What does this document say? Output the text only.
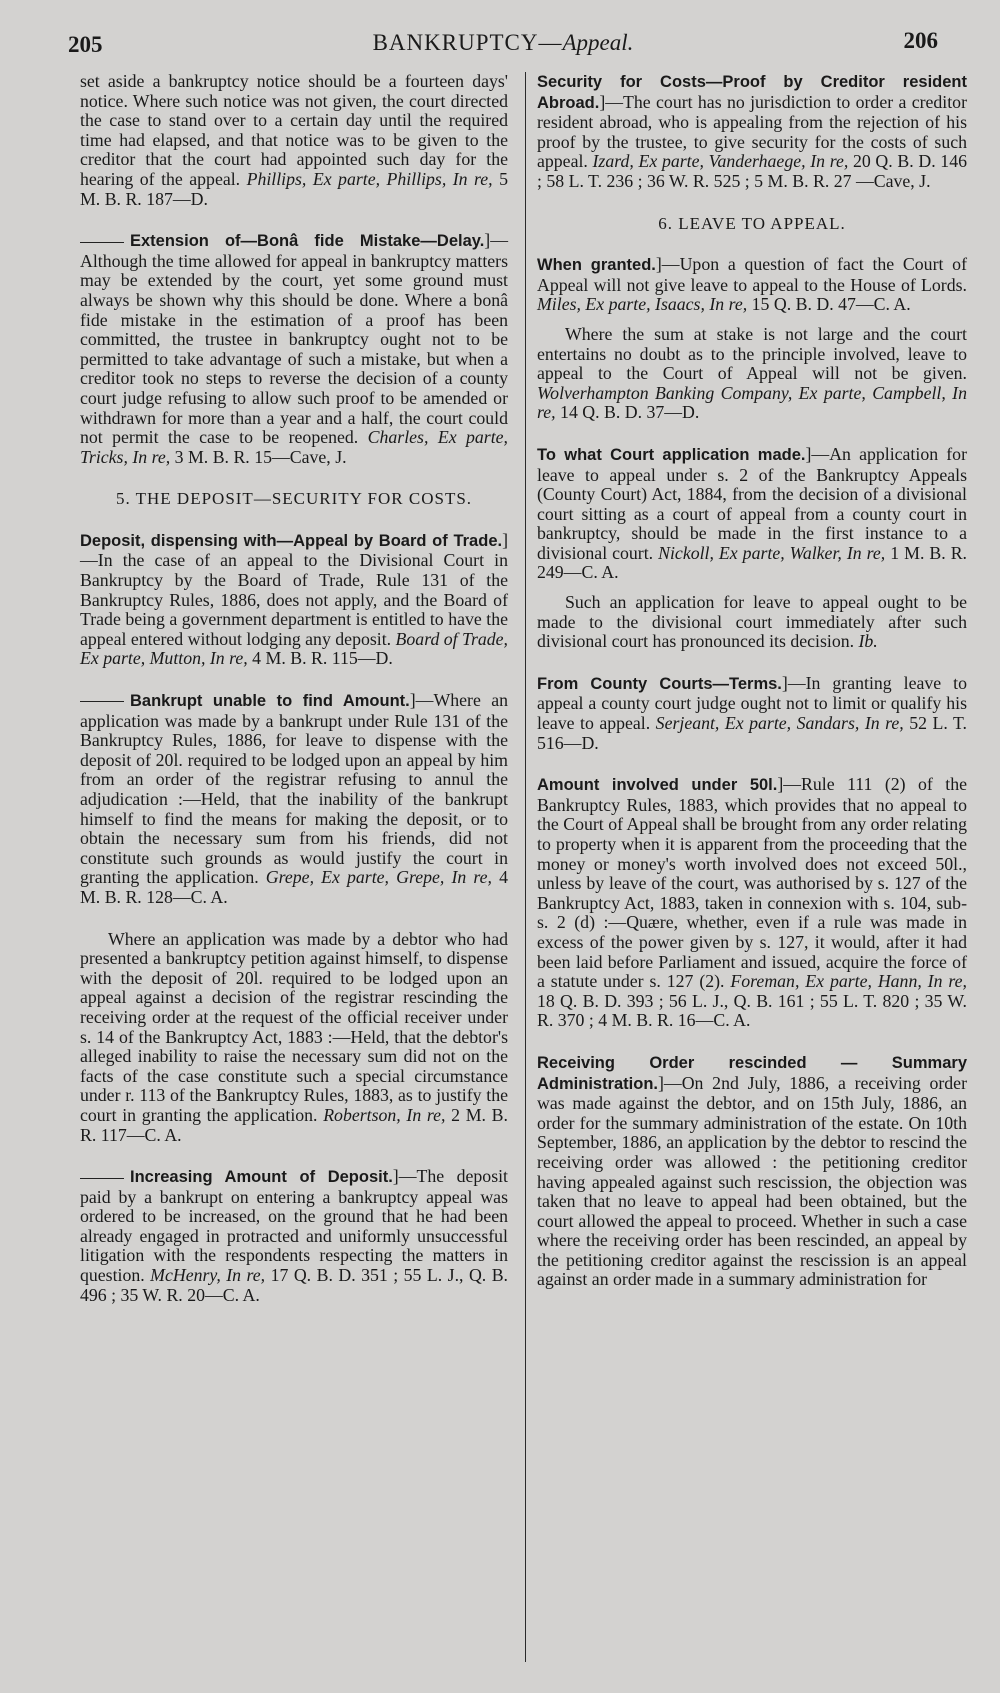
205	BANKRUPTCY—Appeal.	206

set aside a bankruptcy notice should be a fourteen days' notice. Where such notice was not given, the court directed the case to stand over to a certain day until the required time had elapsed, and that notice was to be given to the creditor that the court had appointed such day for the hearing of the appeal. Phillips, Ex parte, Phillips, In re, 5 M. B. R. 187—D.

Extension of—Bonâ fide Mistake—Delay.]—Although the time allowed for appeal in bankruptcy matters may be extended by the court, yet some ground must always be shown why this should be done. Where a bonâ fide mistake in the estimation of a proof has been committed, the trustee in bankruptcy ought not to be permitted to take advantage of such a mistake, but when a creditor took no steps to reverse the decision of a county court judge refusing to allow such proof to be amended or withdrawn for more than a year and a half, the court could not permit the case to be reopened. Charles, Ex parte, Tricks, In re, 3 M. B. R. 15—Cave, J.

5. THE DEPOSIT—SECURITY FOR COSTS.

Deposit, dispensing with—Appeal by Board of Trade.]—In the case of an appeal to the Divisional Court in Bankruptcy by the Board of Trade, Rule 131 of the Bankruptcy Rules, 1886, does not apply, and the Board of Trade being a government department is entitled to have the appeal entered without lodging any deposit. Board of Trade, Ex parte, Mutton, In re, 4 M. B. R. 115—D.

Bankrupt unable to find Amount.]—Where an application was made by a bankrupt under Rule 131 of the Bankruptcy Rules, 1886, for leave to dispense with the deposit of 20l. required to be lodged upon an appeal by him from an order of the registrar refusing to annul the adjudication :—Held, that the inability of the bankrupt himself to find the means for making the deposit, or to obtain the necessary sum from his friends, did not constitute such grounds as would justify the court in granting the application. Grepe, Ex parte, Grepe, In re, 4 M. B. R. 128—C. A.

Where an application was made by a debtor who had presented a bankruptcy petition against himself, to dispense with the deposit of 20l. required to be lodged upon an appeal against a decision of the registrar rescinding the receiving order at the request of the official receiver under s. 14 of the Bankruptcy Act, 1883 :—Held, that the debtor's alleged inability to raise the necessary sum did not on the facts of the case constitute such a special circumstance under r. 113 of the Bankruptcy Rules, 1883, as to justify the court in granting the application. Robertson, In re, 2 M. B. R. 117—C. A.

Increasing Amount of Deposit.]—The deposit paid by a bankrupt on entering a bankruptcy appeal was ordered to be increased, on the ground that he had been already engaged in protracted and uniformly unsuccessful litigation with the respondents respecting the matters in question. McHenry, In re, 17 Q. B. D. 351 ; 55 L. J., Q. B. 496 ; 35 W. R. 20—C. A.

Security for Costs—Proof by Creditor resident Abroad.]—The court has no jurisdiction to order a creditor resident abroad, who is appealing from the rejection of his proof by the trustee, to give security for the costs of such appeal. Izard, Ex parte, Vanderhaege, In re, 20 Q. B. D. 146 ; 58 L. T. 236 ; 36 W. R. 525 ; 5 M. B. R. 27 —Cave, J.

6. LEAVE TO APPEAL.

When granted.]—Upon a question of fact the Court of Appeal will not give leave to appeal to the House of Lords. Miles, Ex parte, Isaacs, In re, 15 Q. B. D. 47—C. A.

Where the sum at stake is not large and the court entertains no doubt as to the principle involved, leave to appeal to the Court of Appeal will not be given. Wolverhampton Banking Company, Ex parte, Campbell, In re, 14 Q. B. D. 37—D.

To what Court application made.]—An application for leave to appeal under s. 2 of the Bankruptcy Appeals (County Court) Act, 1884, from the decision of a divisional court sitting as a court of appeal from a county court in bankruptcy, should be made in the first instance to a divisional court. Nickoll, Ex parte, Walker, In re, 1 M. B. R. 249—C. A.

Such an application for leave to appeal ought to be made to the divisional court immediately after such divisional court has pronounced its decision. Ib.

From County Courts—Terms.]—In granting leave to appeal a county court judge ought not to limit or qualify his leave to appeal. Serjeant, Ex parte, Sandars, In re, 52 L. T. 516—D.

Amount involved under 50l.]—Rule 111 (2) of the Bankruptcy Rules, 1883, which provides that no appeal to the Court of Appeal shall be brought from any order relating to property when it is apparent from the proceeding that the money or money's worth involved does not exceed 50l., unless by leave of the court, was authorised by s. 127 of the Bankruptcy Act, 1883, taken in connexion with s. 104, sub-s. 2 (d) :—Quære, whether, even if a rule was made in excess of the power given by s. 127, it would, after it had been laid before Parliament and issued, acquire the force of a statute under s. 127 (2). Foreman, Ex parte, Hann, In re, 18 Q. B. D. 393 ; 56 L. J., Q. B. 161 ; 55 L. T. 820 ; 35 W. R. 370 ; 4 M. B. R. 16—C. A.

Receiving Order rescinded — Summary Administration.]—On 2nd July, 1886, a receiving order was made against the debtor, and on 15th July, 1886, an order for the summary administration of the estate. On 10th September, 1886, an application by the debtor to rescind the receiving order was allowed : the petitioning creditor having appealed against such rescission, the objection was taken that no leave to appeal had been obtained, but the court allowed the appeal to proceed. Whether in such a case where the receiving order has been rescinded, an appeal by the petitioning creditor against the rescission is an appeal against an order made in a summary administration for
